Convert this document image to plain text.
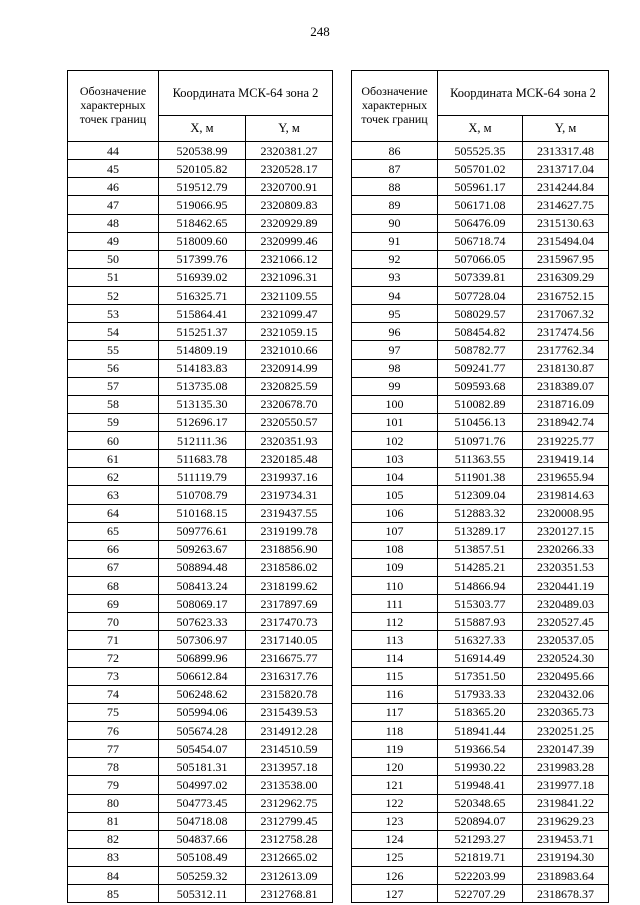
248
Обозначение характерных точек границ	Координата МСК-64 зона 2	
	X, м	Y, м
44	520538.99	2320381.27
45	520105.82	2320528.17
46	519512.79	2320700.91
47	519066.95	2320809.83
48	518462.65	2320929.89
49	518009.60	2320999.46
50	517399.76	2321066.12
51	516939.02	2321096.31
52	516325.71	2321109.55
53	515864.41	2321099.47
54	515251.37	2321059.15
55	514809.19	2321010.66
56	514183.83	2320914.99
57	513735.08	2320825.59
58	513135.30	2320678.70
59	512696.17	2320550.57
60	512111.36	2320351.93
61	511683.78	2320185.48
62	511119.79	2319937.16
63	510708.79	2319734.31
64	510168.15	2319437.55
65	509776.61	2319199.78
66	509263.67	2318856.90
67	508894.48	2318586.02
68	508413.24	2318199.62
69	508069.17	2317897.69
70	507623.33	2317470.73
71	507306.97	2317140.05
72	506899.96	2316675.77
73	506612.84	2316317.76
74	506248.62	2315820.78
75	505994.06	2315439.53
76	505674.28	2314912.28
77	505454.07	2314510.59
78	505181.31	2313957.18
79	504997.02	2313538.00
80	504773.45	2312962.75
81	504718.08	2312799.45
82	504837.66	2312758.28
83	505108.49	2312665.02
84	505259.32	2312613.09
85	505312.11	2312768.81
Обозначение характерных точек границ	Координата МСК-64 зона 2	
	X, м	Y, м
86	505525.35	2313317.48
87	505701.02	2313717.04
88	505961.17	2314244.84
89	506171.08	2314627.75
90	506476.09	2315130.63
91	506718.74	2315494.04
92	507066.05	2315967.95
93	507339.81	2316309.29
94	507728.04	2316752.15
95	508029.57	2317067.32
96	508454.82	2317474.56
97	508782.77	2317762.34
98	509241.77	2318130.87
99	509593.68	2318389.07
100	510082.89	2318716.09
101	510456.13	2318942.74
102	510971.76	2319225.77
103	511363.55	2319419.14
104	511901.38	2319655.94
105	512309.04	2319814.63
106	512883.32	2320008.95
107	513289.17	2320127.15
108	513857.51	2320266.33
109	514285.21	2320351.53
110	514866.94	2320441.19
111	515303.77	2320489.03
112	515887.93	2320527.45
113	516327.33	2320537.05
114	516914.49	2320524.30
115	517351.50	2320495.66
116	517933.33	2320432.06
117	518365.20	2320365.73
118	518941.44	2320251.25
119	519366.54	2320147.39
120	519930.22	2319983.28
121	519948.41	2319977.18
122	520348.65	2319841.22
123	520894.07	2319629.23
124	521293.27	2319453.71
125	521819.71	2319194.30
126	522203.99	2318983.64
127	522707.29	2318678.37
